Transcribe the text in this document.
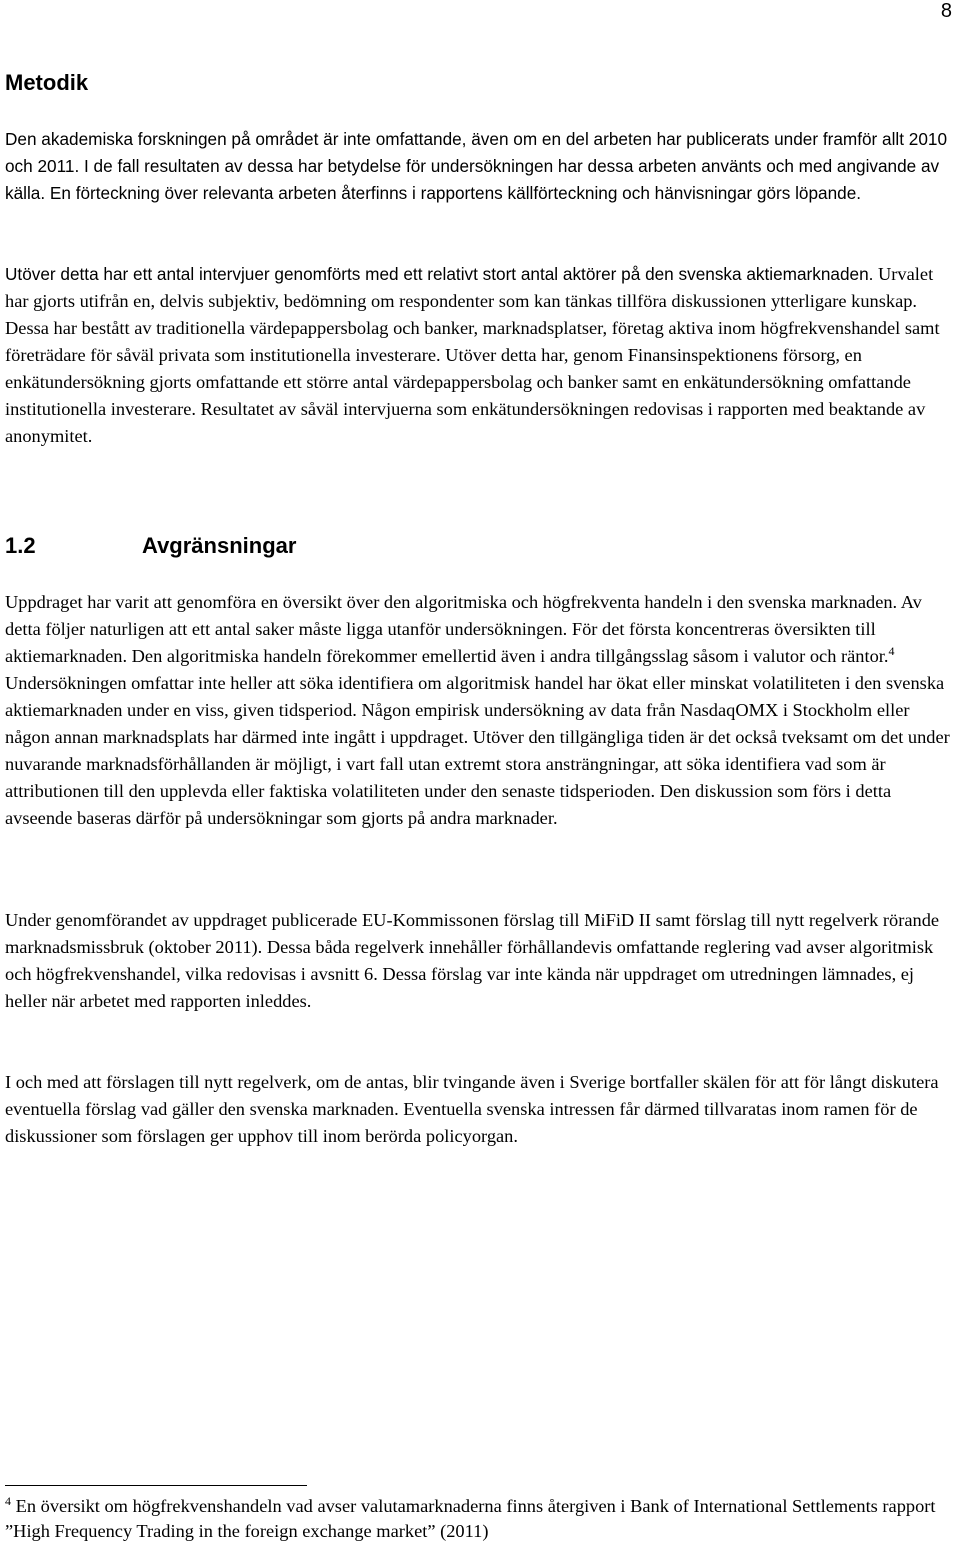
8
Metodik

Den akademiska forskningen på området är inte omfattande, även om en del arbeten har publicerats under framför allt 2010 och 2011. I de fall resultaten av dessa har betydelse för undersökningen har dessa arbeten använts och med angivande av källa. En förteckning över relevanta arbeten återfinns i rapportens källförteckning och hänvisningar görs löpande.

Utöver detta har ett antal intervjuer genomförts med ett relativt stort antal aktörer på den svenska aktiemarknaden. Urvalet har gjorts utifrån en, delvis subjektiv, bedömning om respondenter som kan tänkas tillföra diskussionen ytterligare kunskap. Dessa har bestått av traditionella värdepappersbolag och banker, marknadsplatser, företag aktiva inom högfrekvenshandel samt företrädare för såväl privata som institutionella investerare. Utöver detta har, genom Finansinspektionens försorg, en enkätundersökning gjorts omfattande ett större antal värdepappersbolag och banker samt en enkätundersökning omfattande institutionella investerare. Resultatet av såväl intervjuerna som enkätundersökningen redovisas i rapporten med beaktande av anonymitet.

1.2	Avgränsningar

Uppdraget har varit att genomföra en översikt över den algoritmiska och högfrekventa handeln i den svenska marknaden. Av detta följer naturligen att ett antal saker måste ligga utanför undersökningen. För det första koncentreras översikten till aktiemarknaden. Den algoritmiska handeln förekommer emellertid även i andra tillgångsslag såsom i valutor och räntor.$^4$
Undersökningen omfattar inte heller att söka identifiera om algoritmisk handel har ökat eller minskat volatiliteten i den svenska aktiemarknaden under en viss, given tidsperiod. Någon empirisk undersökning av data från NasdaqOMX i Stockholm eller någon annan marknadsplats har därmed inte ingått i uppdraget. Utöver den tillgängliga tiden är det också tveksamt om det under nuvarande marknadsförhållanden är möjligt, i vart fall utan extremt stora ansträngningar, att söka identifiera vad som är attributionen till den upplevda eller faktiska volatiliteten under den senaste tidsperioden. Den diskussion som förs i detta avseende baseras därför på undersökningar som gjorts på andra marknader.

Under genomförandet av uppdraget publicerade EU-Kommissonen förslag till MiFiD II samt förslag till nytt regelverk rörande marknadsmissbruk (oktober 2011). Dessa båda regelverk innehåller förhållandevis omfattande reglering vad avser algoritmisk och högfrekvenshandel, vilka redovisas i avsnitt 6. Dessa förslag var inte kända när uppdraget om utredningen lämnades, ej heller när arbetet med rapporten inleddes.

I och med att förslagen till nytt regelverk, om de antas, blir tvingande även i Sverige bortfaller skälen för att för långt diskutera eventuella förslag vad gäller den svenska marknaden. Eventuella svenska intressen får därmed tillvaratas inom ramen för de diskussioner som förslagen ger upphov till inom berörda policyorgan.

$^4$ En översikt om högfrekvenshandeln vad avser valutamarknaderna finns återgiven i Bank of International Settlements rapport ”High Frequency Trading in the foreign exchange market” (2011)
